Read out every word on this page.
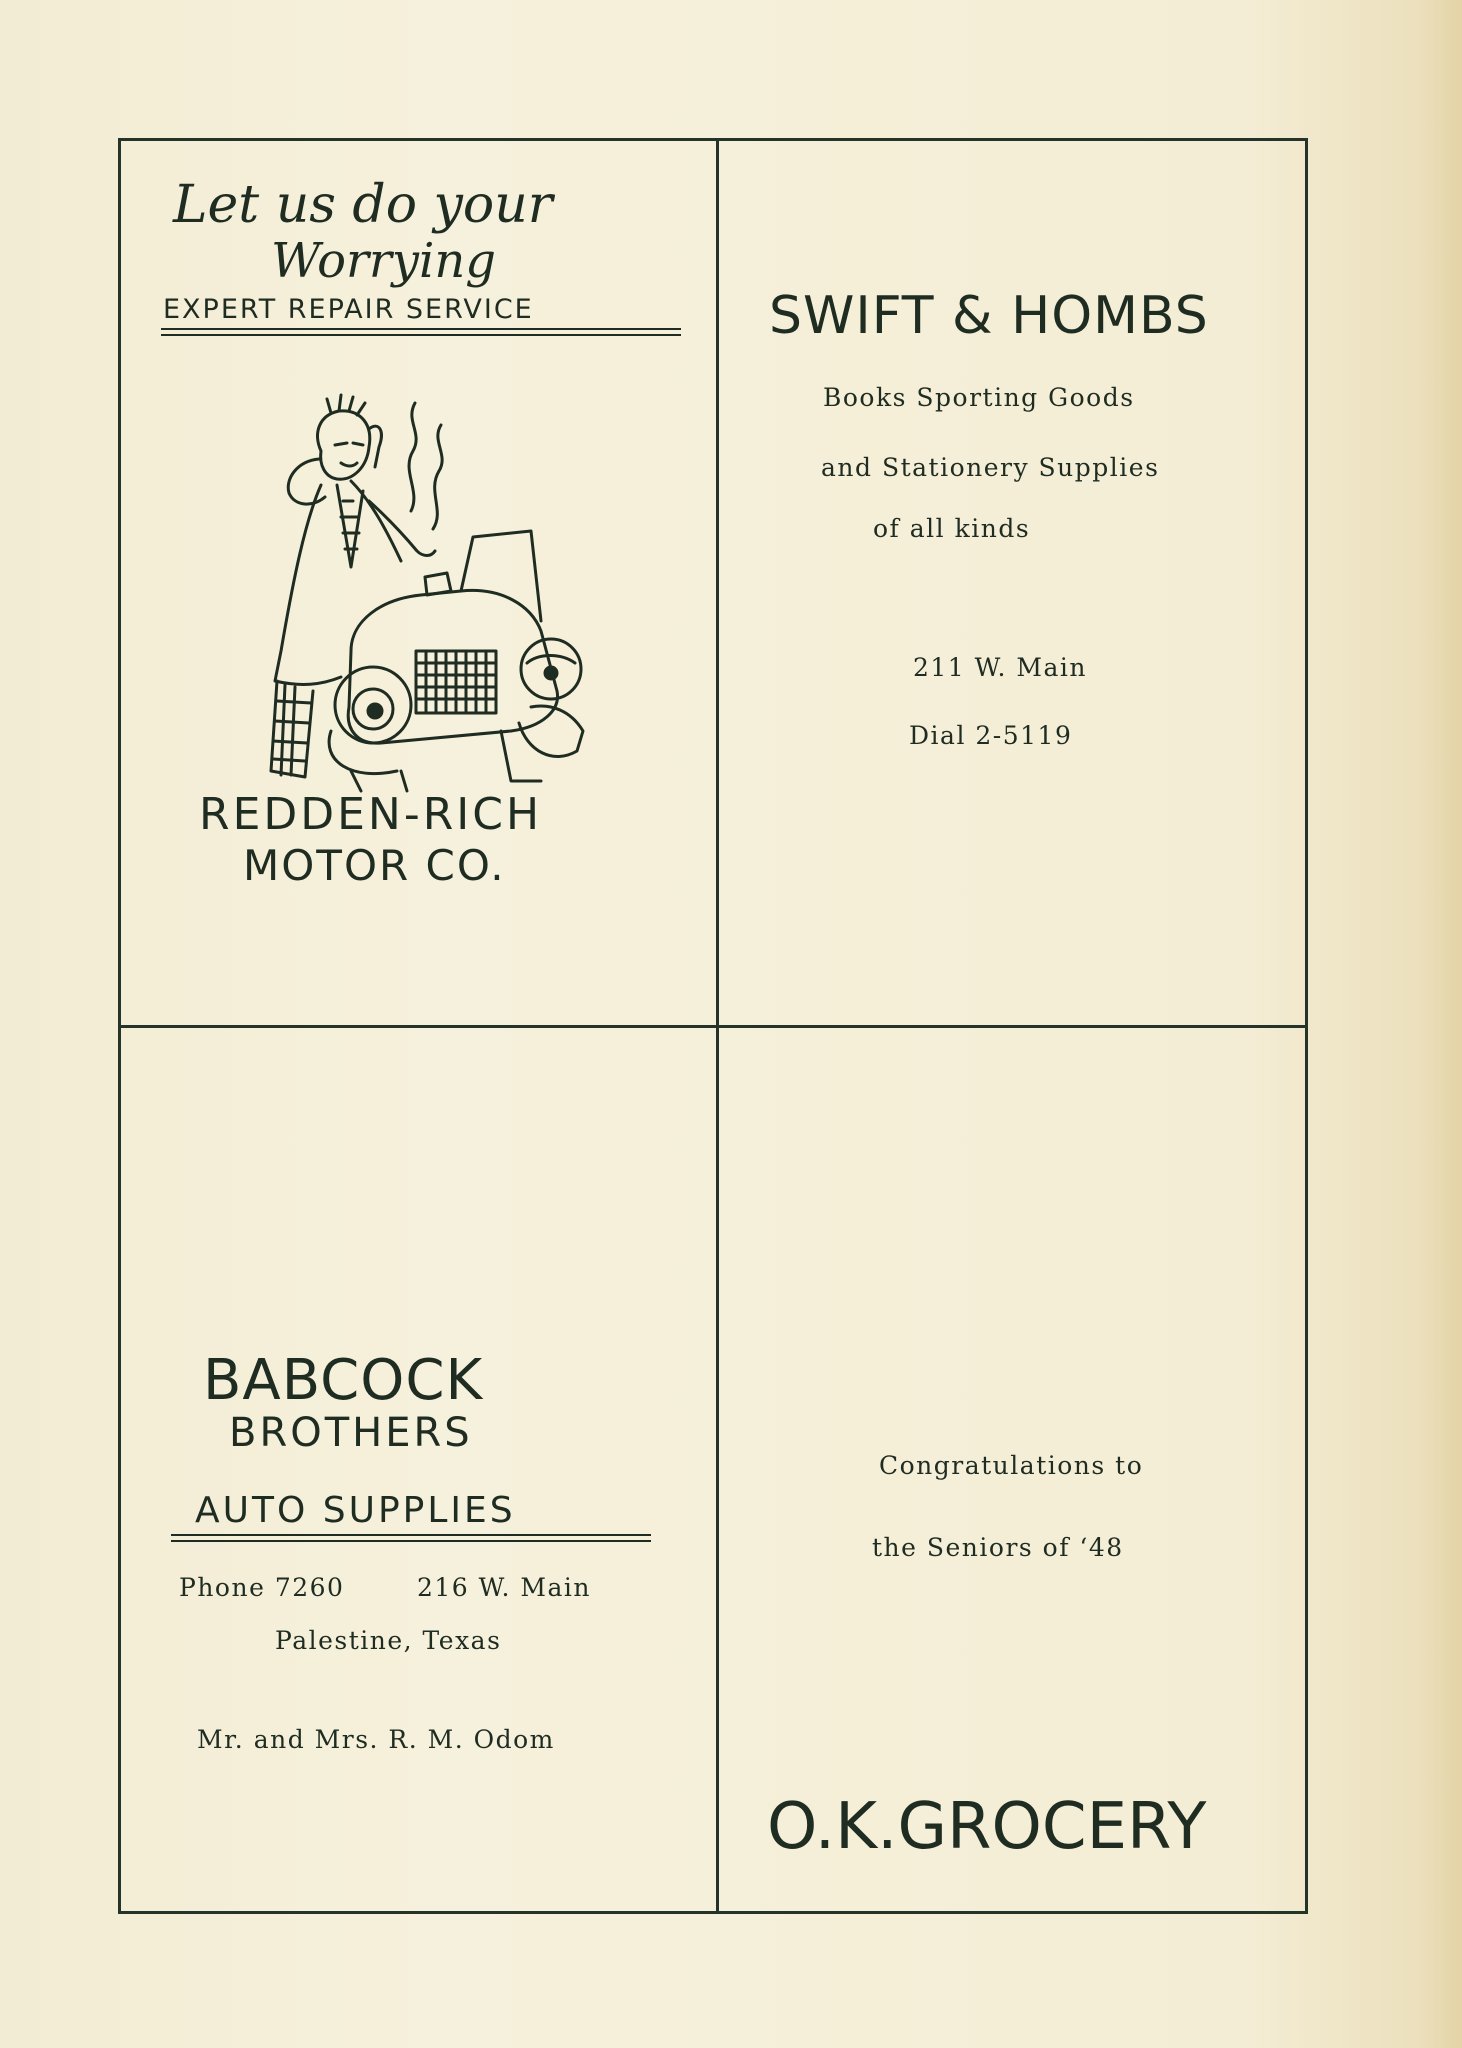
Let us do your
Worrying
EXPERT REPAIR SERVICE
REDDEN-RICH
MOTOR CO.
SWIFT & HOMBS
Books Sporting Goods
and Stationery Supplies
of all kinds
211 W. Main
Dial 2-5119
BABCOCK
BROTHERS
AUTO SUPPLIES
Phone 7260	216 W. Main
Palestine, Texas
Mr. and Mrs. R. M. Odom
Congratulations to
the Seniors of ‘48
O.K.GROCERY
